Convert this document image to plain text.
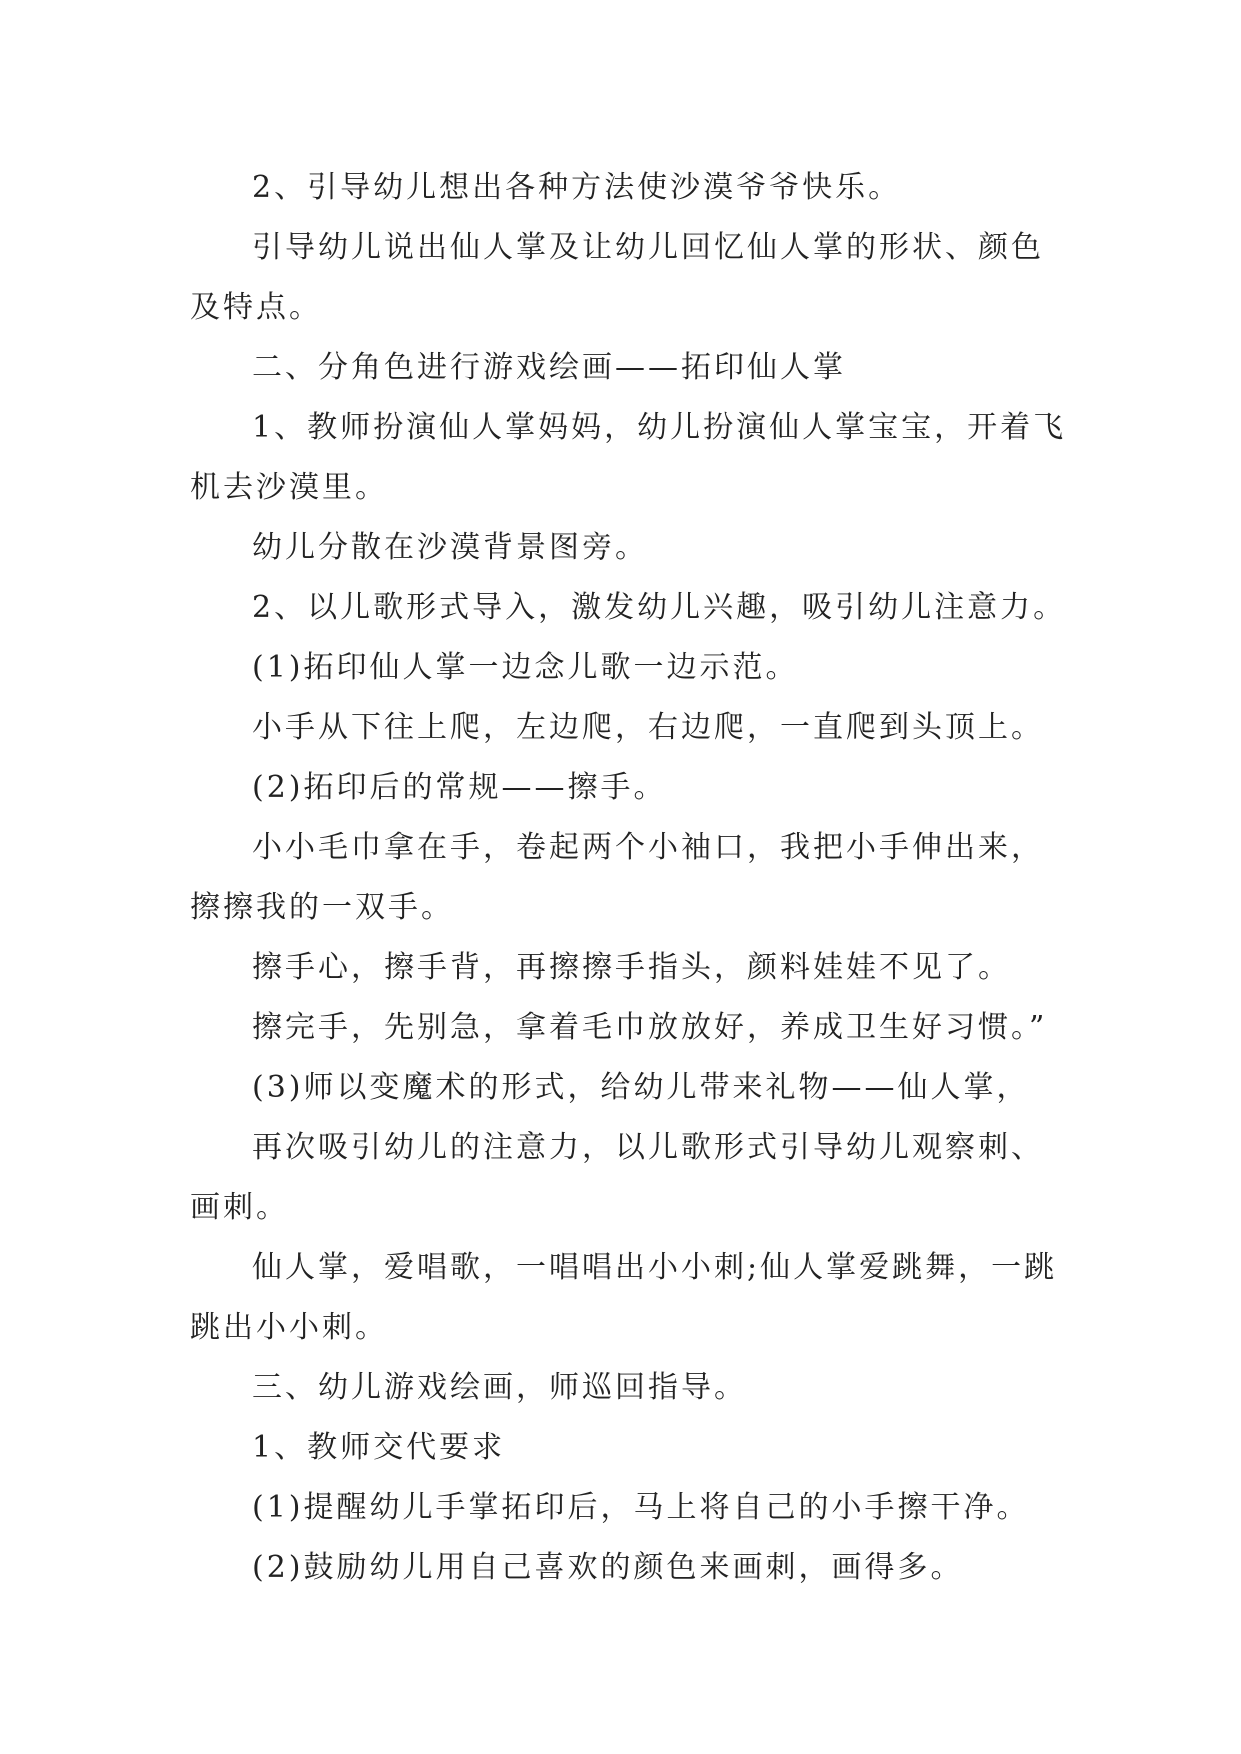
2、引导幼儿想出各种方法使沙漠爷爷快乐。

引导幼儿说出仙人掌及让幼儿回忆仙人掌的形状、颜色及特点。

二、分角色进行游戏绘画——拓印仙人掌

1、教师扮演仙人掌妈妈，幼儿扮演仙人掌宝宝，开着飞机去沙漠里。

幼儿分散在沙漠背景图旁。

2、以儿歌形式导入，激发幼儿兴趣，吸引幼儿注意力。

(1)拓印仙人掌一边念儿歌一边示范。

小手从下往上爬，左边爬，右边爬，一直爬到头顶上。

(2)拓印后的常规——擦手。

小小毛巾拿在手，卷起两个小袖口，我把小手伸出来，擦擦我的一双手。

擦手心，擦手背，再擦擦手指头，颜料娃娃不见了。

擦完手，先别急，拿着毛巾放放好，养成卫生好习惯。”

(3)师以变魔术的形式，给幼儿带来礼物——仙人掌，

再次吸引幼儿的注意力，以儿歌形式引导幼儿观察刺、画刺。

仙人掌，爱唱歌，一唱唱出小小刺;仙人掌爱跳舞，一跳跳出小小刺。

三、幼儿游戏绘画，师巡回指导。

1、教师交代要求

(1)提醒幼儿手掌拓印后，马上将自己的小手擦干净。

(2)鼓励幼儿用自己喜欢的颜色来画刺，画得多。
